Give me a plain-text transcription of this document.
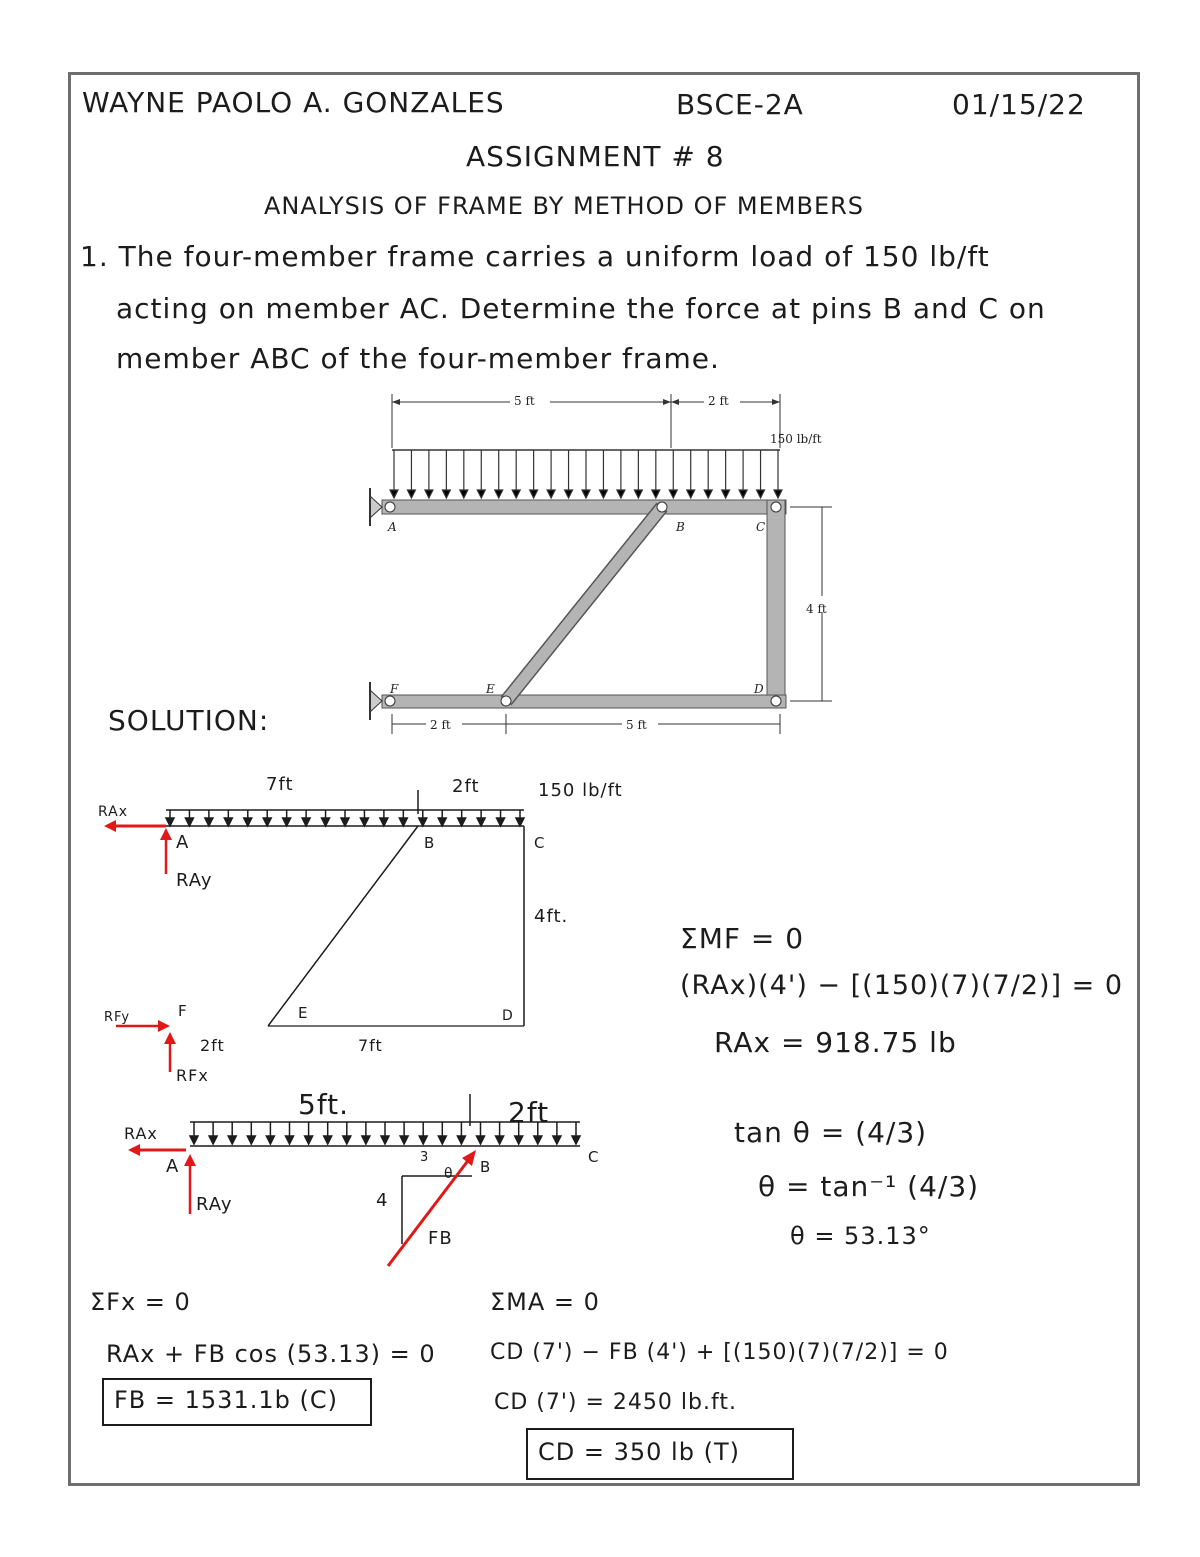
WAYNE PAOLO A. GONZALES	BSCE-2A	01/15/22
ASSIGNMENT # 8
ANALYSIS OF FRAME BY METHOD OF MEMBERS
1. The four-member frame carries a uniform load of 150 lb/ft
acting on member AC. Determine the force at pins B and C on
member ABC of the four-member frame.
5 ft	2 ft
150 lb/ft
4 ft
2 ft	5 ft
A	B	C
D
E
F
SOLUTION:
7ft	2ft	150 lb/ft
RAx
A
RAy
B	C
4ft.
RFy	F	E	D
2ft	7ft
RFx
ΣMF = 0
(RAx)(4') − [(150)(7)(7/2)] = 0
RAx = 918.75 lb
5ft.	2ft
RAx
A	B
C
3
θ
4
RAy
FB
tan θ = (4/3)
θ = tan⁻¹ (4/3)
θ = 53.13°
ΣFx = 0
RAx + FB cos (53.13) = 0
FB = 1531.1b (C)
ΣMA = 0
CD (7') − FB (4') + [(150)(7)(7/2)] = 0
CD (7') = 2450 lb.ft.
CD = 350 lb (T)
